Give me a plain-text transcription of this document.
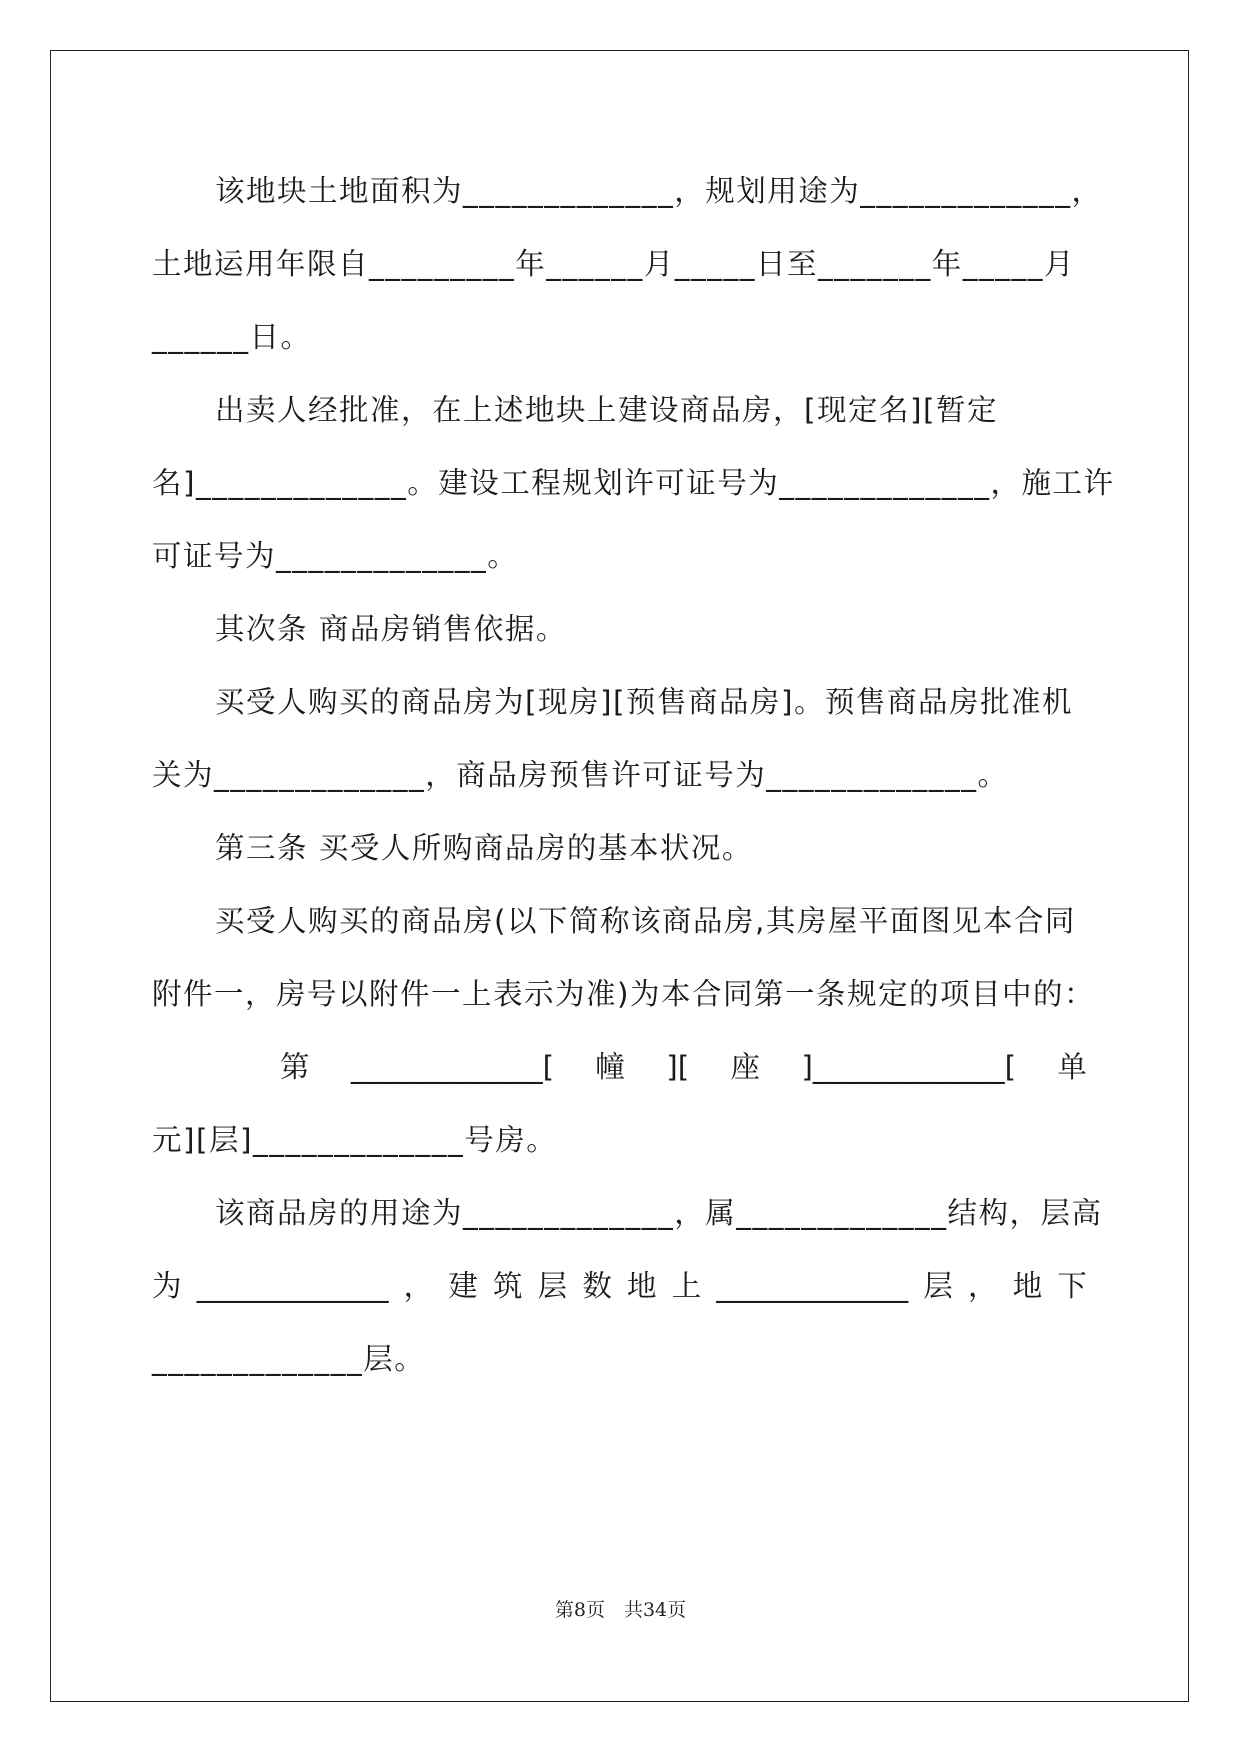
该地块土地面积为_____________，规划用途为_____________，
土地运用年限自_________年______月_____日至_______年_____月
______日。
出卖人经批准，在上述地块上建设商品房，[现定名][暂定
名]_____________。建设工程规划许可证号为_____________，施工许
可证号为_____________。
其次条 商品房销售依据。
买受人购买的商品房为[现房][预售商品房]。预售商品房批准机
关为_____________，商品房预售许可证号为_____________。
第三条 买受人所购商品房的基本状况。
买受人购买的商品房(以下简称该商品房,其房屋平面图见本合同
附件一，房号以附件一上表示为准)为本合同第一条规定的项目中的：
第 _____________[ 幢 ][ 座 ]_____________[ 单
元][层]_____________号房。
该商品房的用途为_____________，属_____________结构，层高
为 _____________ ， 建 筑 层 数 地 上 _____________ 层 ， 地 下
_____________层。
第8页　共34页
